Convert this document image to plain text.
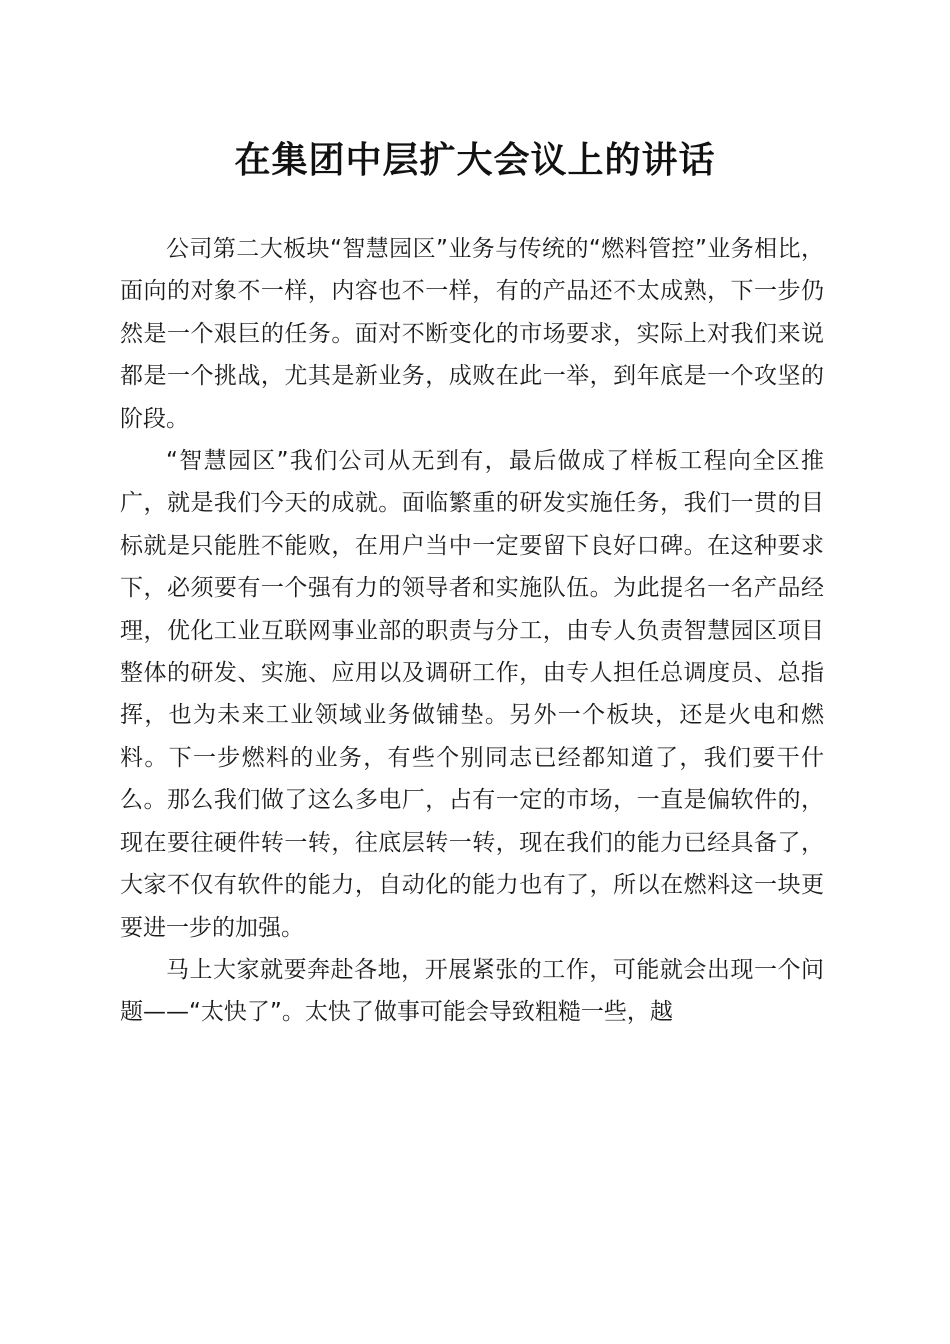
在集团中层扩大会议上的讲话

公司第二大板块“智慧园区”业务与传统的“燃料管控”业务相比，面向的对象不一样，内容也不一样，有的产品还不太成熟，下一步仍然是一个艰巨的任务。面对不断变化的市场要求，实际上对我们来说都是一个挑战，尤其是新业务，成败在此一举，到年底是一个攻坚的阶段。

“智慧园区”我们公司从无到有，最后做成了样板工程向全区推广，就是我们今天的成就。面临繁重的研发实施任务，我们一贯的目标就是只能胜不能败，在用户当中一定要留下良好口碑。在这种要求下，必须要有一个强有力的领导者和实施队伍。为此提名一名产品经理，优化工业互联网事业部的职责与分工，由专人负责智慧园区项目整体的研发、实施、应用以及调研工作，由专人担任总调度员、总指挥，也为未来工业领域业务做铺垫。另外一个板块，还是火电和燃料。下一步燃料的业务，有些个别同志已经都知道了，我们要干什么。那么我们做了这么多电厂，占有一定的市场，一直是偏软件的，现在要往硬件转一转，往底层转一转，现在我们的能力已经具备了，大家不仅有软件的能力，自动化的能力也有了，所以在燃料这一块更要进一步的加强。

马上大家就要奔赴各地，开展紧张的工作，可能就会出现一个问题——“太快了”。太快了做事可能会导致粗糙一些，越
